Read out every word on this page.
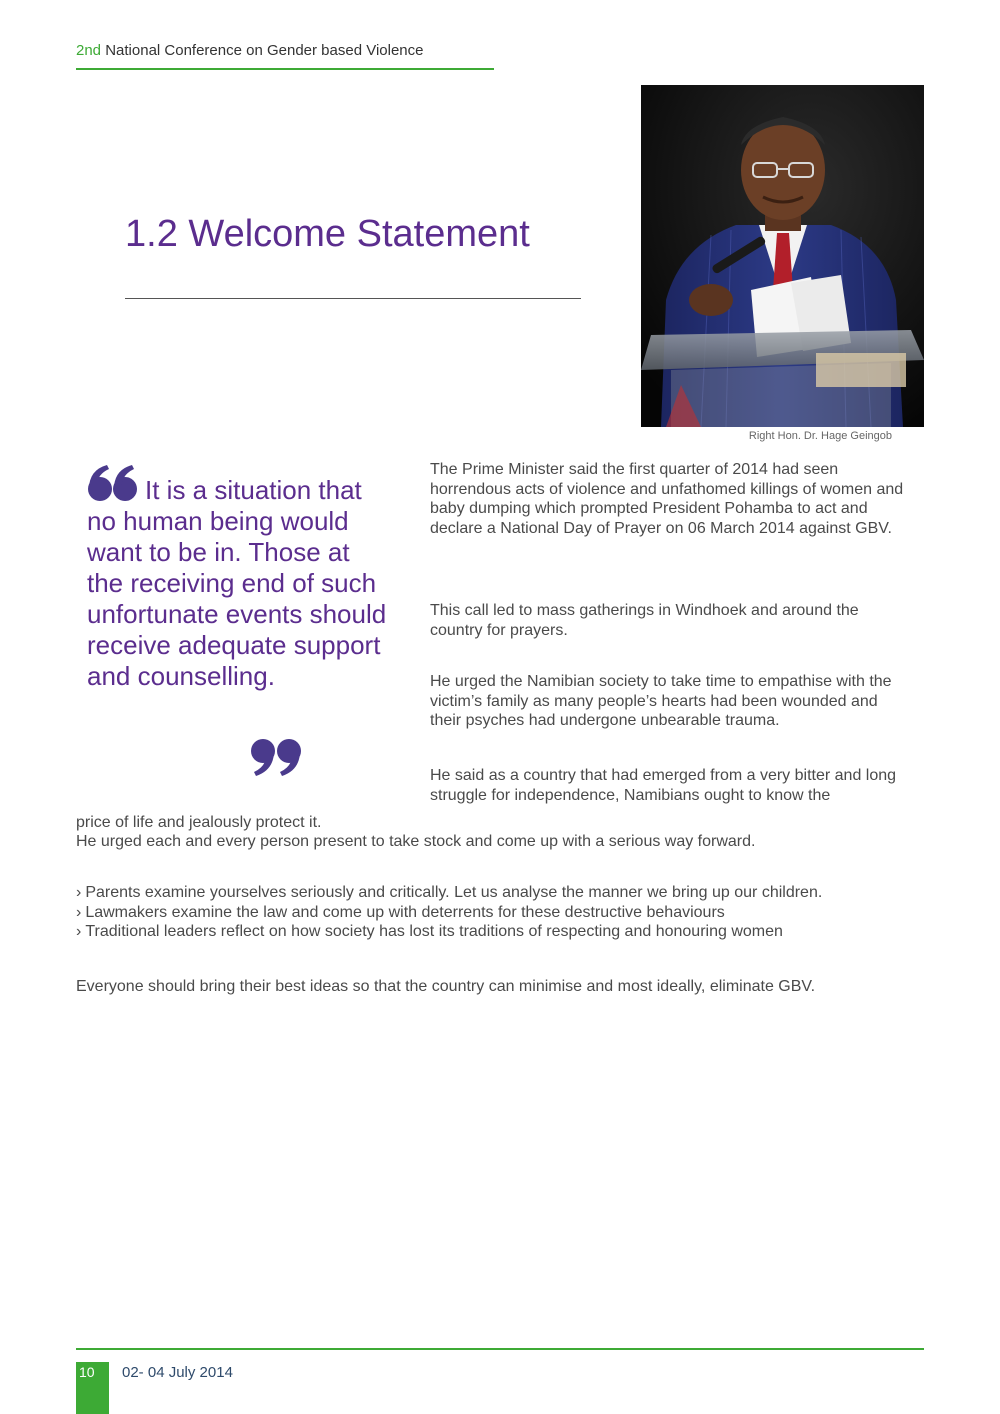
2nd National Conference on Gender based Violence
1.2 Welcome Statement
Right Hon. Dr. Hage Geingob
It is a situation that no human being would want to be in. Those at the receiving end of such unfortunate events should receive adequate support and counselling.
The Prime Minister said the first quarter of 2014 had seen horrendous acts of violence and unfathomed killings of women and baby dumping which prompted President Pohamba to act and declare a National Day of Prayer on 06 March 2014 against GBV.
This call led to mass gatherings in Windhoek and around the country for prayers.
He urged the Namibian society to take time to empathise with the victim’s family as many people’s hearts had been wounded and their psyches had undergone unbearable trauma.
He said as a country that had emerged from a very bitter and long struggle for independence, Namibians ought to know the
price of life and jealously protect it.
He urged each and every person present to take stock and come up with a serious way forward.
› Parents examine yourselves seriously and critically. Let us analyse the manner we bring up our children.
› Lawmakers examine the law and come up with deterrents for these destructive behaviours
› Traditional leaders reflect on how society has lost its traditions of respecting and honouring women
Everyone should bring their best ideas so that the country can minimise and most ideally, eliminate GBV.
10 02- 04 July 2014
